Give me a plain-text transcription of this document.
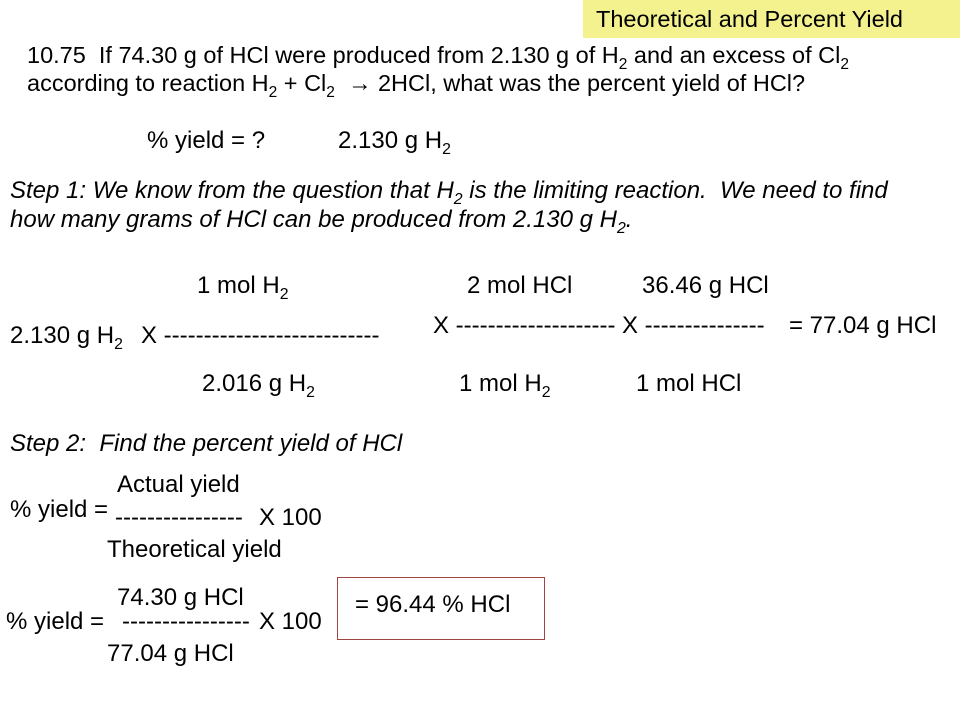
Theoretical and Percent Yield
10.75  If 74.30 g of HCl were produced from 2.130 g of $H_2$ and an excess of $Cl_2$
according to reaction $H_2 + Cl_2 \to 2HCl$, what was the percent yield of HCl?
% yield = ?	2.130 g $H_2$
Step 1: We know from the question that $H_2$ is the limiting reaction.  We need to find
how many grams of HCl can be produced from 2.130 g $H_2$.
1 mol $H_2$	2 mol HCl	36.46 g HCl
X -------------------- X --------------- = 77.04 g HCl
2.130 g $H_2$ X ---------------------------
2.016 g $H_2$	1 mol $H_2$	1 mol HCl
Step 2:  Find the percent yield of HCl
Actual yield
% yield = ---------------- X 100
Theoretical yield
74.30 g HCl
% yield = ---------------- X 100
77.04 g HCl
= 96.44 % HCl
